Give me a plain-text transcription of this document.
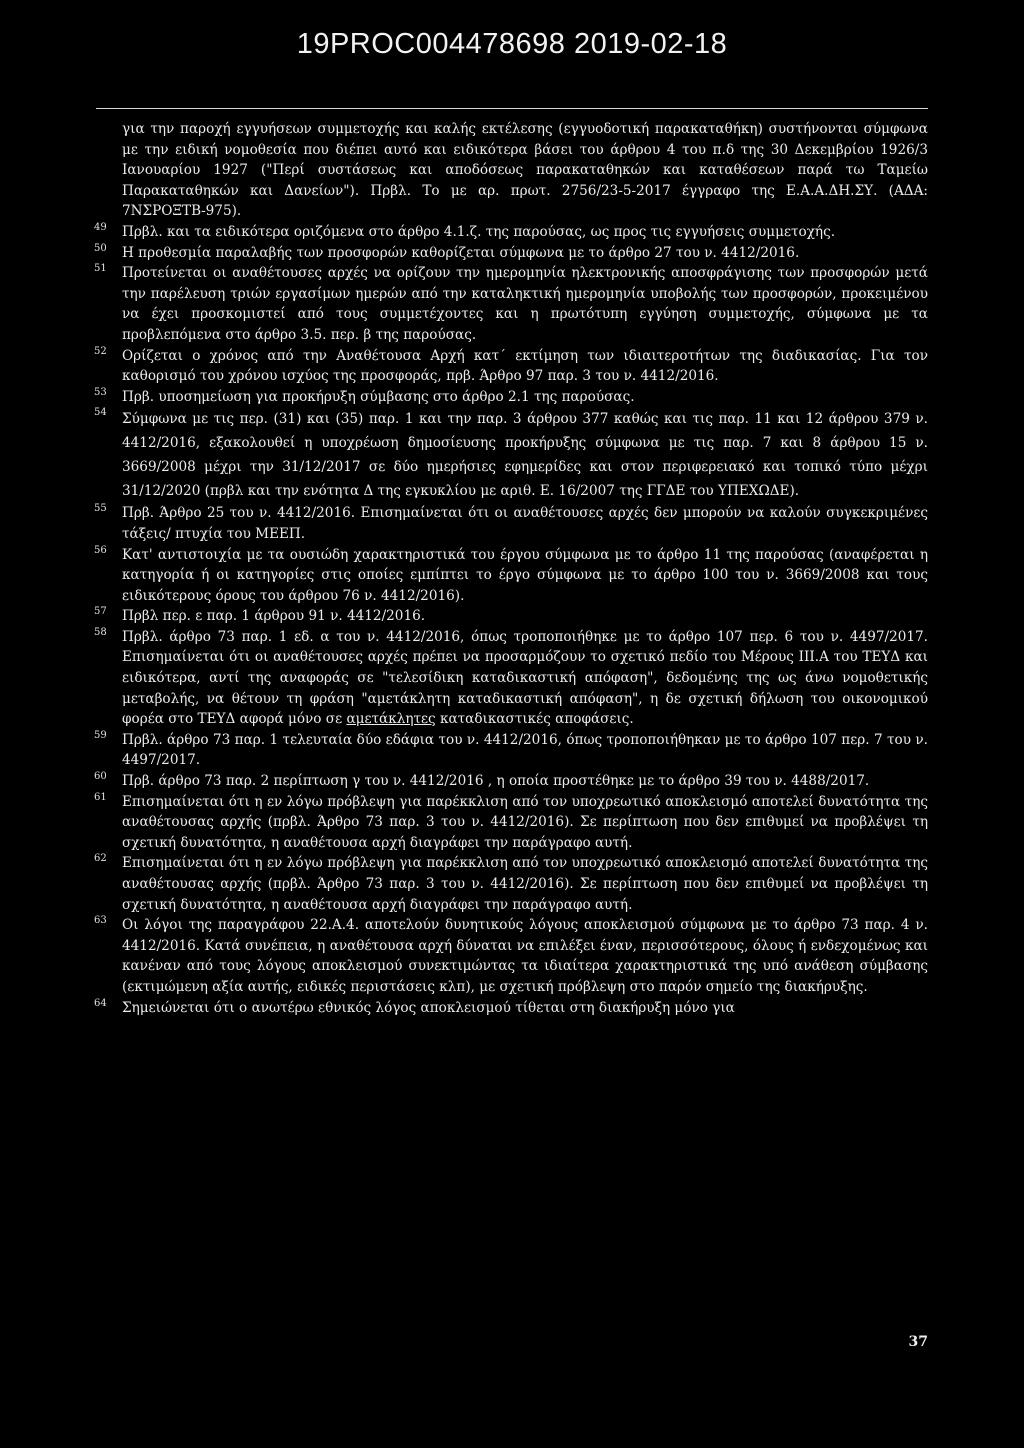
19PROC004478698 2019-02-18

για την παροχή εγγυήσεων συμμετοχής και καλής εκτέλεσης (εγγυοδοτική παρακαταθήκη) συστήνονται σύμφωνα με την ειδική νομοθεσία που διέπει αυτό και ειδικότερα βάσει του άρθρου 4 του π.δ της 30 Δεκεμβρίου 1926/3 Ιανουαρίου 1927 ("Περί συστάσεως και αποδόσεως παρακαταθηκών και καταθέσεων παρά τω Ταμείω Παρακαταθηκών και Δανείων"). Πρβλ. Το με αρ. πρωτ. 2756/23-5-2017 έγγραφο της Ε.Α.Α.ΔΗ.ΣΥ. (ΑΔΑ: 7ΝΣΡΟΞΤΒ-975).

49 Πρβλ. και τα ειδικότερα οριζόμενα στο άρθρο 4.1.ζ. της παρούσας, ως προς τις εγγυήσεις συμμετοχής.

50 Η προθεσμία παραλαβής των προσφορών καθορίζεται σύμφωνα με το άρθρο 27 του ν. 4412/2016.

51 Προτείνεται οι αναθέτουσες αρχές να ορίζουν την ημερομηνία ηλεκτρονικής αποσφράγισης των προσφορών μετά την παρέλευση τριών εργασίμων ημερών από την καταληκτική ημερομηνία υποβολής των προσφορών, προκειμένου να έχει προσκομιστεί από τους συμμετέχοντες και η πρωτότυπη εγγύηση συμμετοχής, σύμφωνα με τα προβλεπόμενα στο άρθρο 3.5. περ. β της παρούσας.

52 Ορίζεται ο χρόνος από την Αναθέτουσα Αρχή κατ΄ εκτίμηση των ιδιαιτεροτήτων της διαδικασίας. Για τον καθορισμό του χρόνου ισχύος της προσφοράς, πρβ. Άρθρο 97 παρ. 3 του ν. 4412/2016.

53 Πρβ. υποσημείωση για προκήρυξη σύμβασης στο άρθρο 2.1 της παρούσας.

54 Σύμφωνα με τις περ. (31) και (35) παρ. 1 και την παρ. 3 άρθρου 377 καθώς και τις παρ. 11 και 12 άρθρου 379 ν. 4412/2016, εξακολουθεί η υποχρέωση δημοσίευσης προκήρυξης σύμφωνα με τις παρ. 7 και 8 άρθρου 15 ν. 3669/2008 μέχρι την 31/12/2017 σε δύο ημερήσιες εφημερίδες και στον περιφερειακό και τοπικό τύπο μέχρι 31/12/2020 (πρβλ και την ενότητα Δ της εγκυκλίου με αριθ. Ε. 16/2007 της ΓΓΔΕ του ΥΠΕΧΩΔΕ).

55 Πρβ. Άρθρο 25 του ν. 4412/2016. Επισημαίνεται ότι οι αναθέτουσες αρχές δεν μπορούν να καλούν συγκεκριμένες τάξεις/ πτυχία του ΜΕΕΠ.

56 Κατ' αντιστοιχία με τα ουσιώδη χαρακτηριστικά του έργου σύμφωνα με το άρθρο 11 της παρούσας (αναφέρεται η κατηγορία ή οι κατηγορίες στις οποίες εμπίπτει το έργο σύμφωνα με το άρθρο 100 του ν. 3669/2008 και τους ειδικότερους όρους του άρθρου 76 ν. 4412/2016).

57 Πρβλ περ. ε παρ. 1 άρθρου 91 ν. 4412/2016.

58 Πρβλ. άρθρο 73 παρ. 1 εδ. α του ν. 4412/2016, όπως τροποποιήθηκε με το άρθρο 107 περ. 6 του ν. 4497/2017. Επισημαίνεται ότι οι αναθέτουσες αρχές πρέπει να προσαρμόζουν το σχετικό πεδίο του Μέρους ΙΙΙ.Α του ΤΕΥΔ και ειδικότερα, αντί της αναφοράς σε "τελεσίδικη καταδικαστική απόφαση", δεδομένης της ως άνω νομοθετικής μεταβολής, να θέτουν τη φράση "αμετάκλητη καταδικαστική απόφαση", η δε σχετική δήλωση του οικονομικού φορέα στο ΤΕΥΔ αφορά μόνο σε αμετάκλητες καταδικαστικές αποφάσεις.

59 Πρβλ. άρθρο 73 παρ. 1 τελευταία δύο εδάφια του ν. 4412/2016, όπως τροποποιήθηκαν με το άρθρο 107 περ. 7 του ν. 4497/2017.

60 Πρβ. άρθρο 73 παρ. 2 περίπτωση γ του ν. 4412/2016 , η οποία προστέθηκε με το άρθρο 39 του ν. 4488/2017.

61 Επισημαίνεται ότι η εν λόγω πρόβλεψη για παρέκκλιση από τον υποχρεωτικό αποκλεισμό αποτελεί δυνατότητα της αναθέτουσας αρχής (πρβλ. Άρθρο 73 παρ. 3 του ν. 4412/2016). Σε περίπτωση που δεν επιθυμεί να προβλέψει τη σχετική δυνατότητα, η αναθέτουσα αρχή διαγράφει την παράγραφο αυτή.

62 Επισημαίνεται ότι η εν λόγω πρόβλεψη για παρέκκλιση από τον υποχρεωτικό αποκλεισμό αποτελεί δυνατότητα της αναθέτουσας αρχής (πρβλ. Άρθρο 73 παρ. 3 του ν. 4412/2016). Σε περίπτωση που δεν επιθυμεί να προβλέψει τη σχετική δυνατότητα, η αναθέτουσα αρχή διαγράφει την παράγραφο αυτή.

63 Οι λόγοι της παραγράφου 22.Α.4. αποτελούν δυνητικούς λόγους αποκλεισμού σύμφωνα με το άρθρο 73 παρ. 4 ν. 4412/2016. Κατά συνέπεια, η αναθέτουσα αρχή δύναται να επιλέξει έναν, περισσότερους, όλους ή ενδεχομένως και κανέναν από τους λόγους αποκλεισμού συνεκτιμώντας τα ιδιαίτερα χαρακτηριστικά της υπό ανάθεση σύμβασης (εκτιμώμενη αξία αυτής, ειδικές περιστάσεις κλπ), με σχετική πρόβλεψη στο παρόν σημείο της διακήρυξης.

64 Σημειώνεται ότι ο ανωτέρω εθνικός λόγος αποκλεισμού τίθεται στη διακήρυξη μόνο για

37
